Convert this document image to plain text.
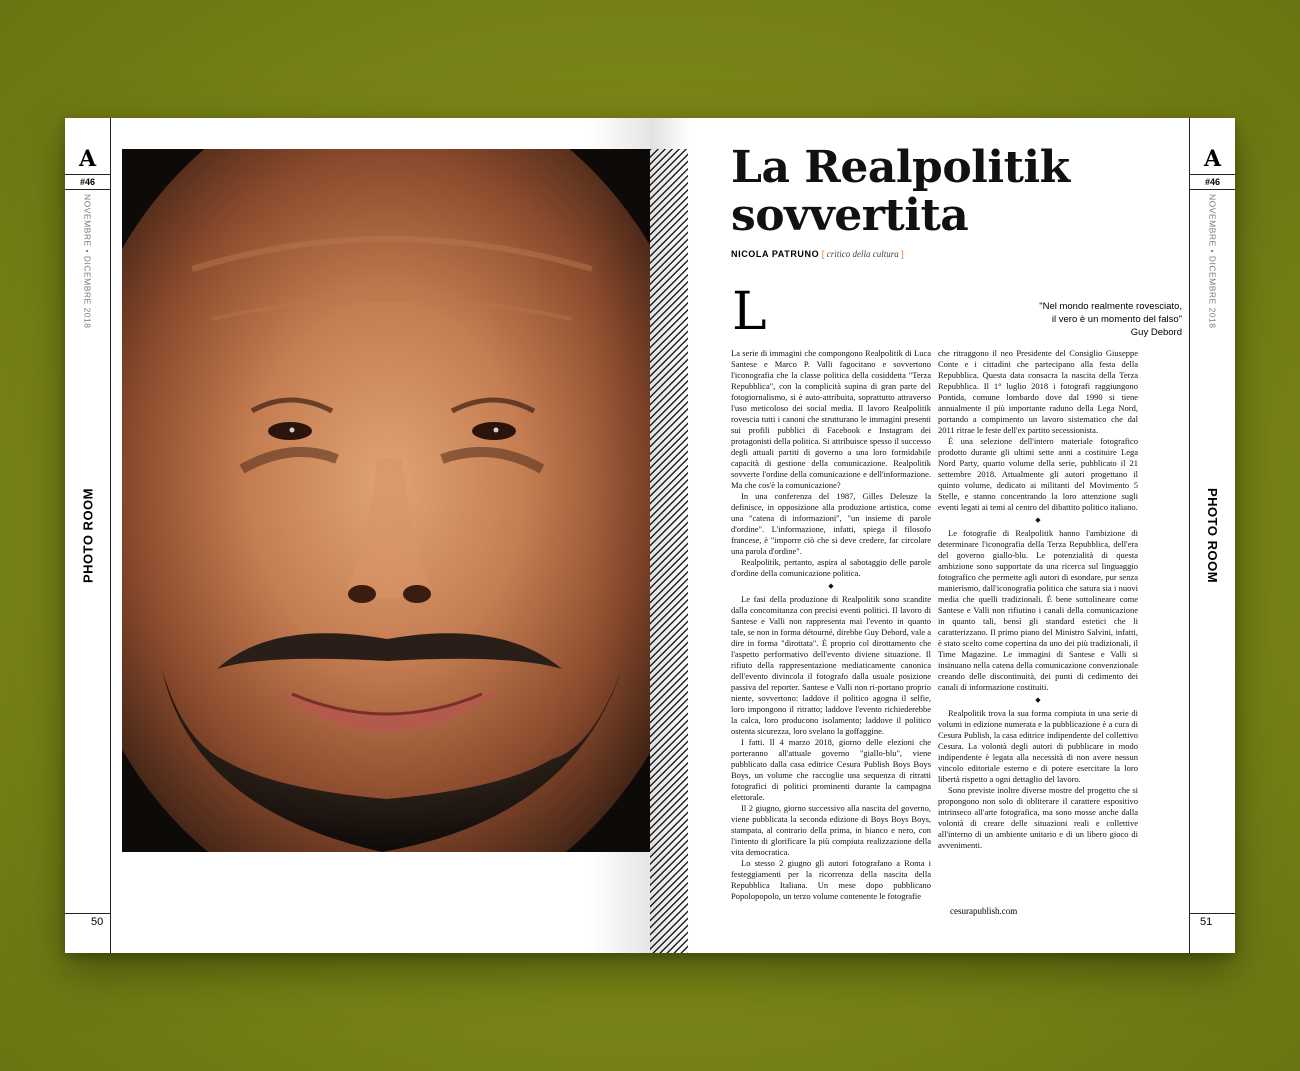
A
#46
NOVEMBRE • DICEMBRE 2018
PHOTO ROOM
50
La Realpolitik
sovvertita
NICOLA PATRUNO [ critico della cultura ]
L	"Nel mondo realmente rovesciato,
il vero è un momento del falso"
Guy Debord

La serie di immagini che compongono Realpolitik di Luca Santese e Marco P. Valli fagocitano e sovvertono l'iconografia che la classe politica della cosiddetta "Terza Repubblica", con la complicità supina di gran parte del fotogiornalismo, si è auto-attribuita, soprattutto attraverso l'uso meticoloso dei social media. Il lavoro Realpolitik rovescia tutti i canoni che strutturano le immagini presenti sui profili pubblici di Facebook e Instagram dei protagonisti della politica. Si attribuisce spesso il successo degli attuali partiti di governo a una loro formidabile capacità di gestione della comunicazione. Realpolitik sovverte l'ordine della comunicazione e dell'informazione. Ma che cos'è la comunicazione?

In una conferenza del 1987, Gilles Deleuze la definisce, in opposizione alla produzione artistica, come una "catena di informazioni", "un insieme di parole d'ordine". L'informazione, infatti, spiega il filosofo francese, è "imporre ciò che si deve credere, far circolare una parola d'ordine".

Realpolitik, pertanto, aspira al sabotaggio delle parole d'ordine della comunicazione politica.

◆

Le fasi della produzione di Realpolitik sono scandite dalla concomitanza con precisi eventi politici. Il lavoro di Santese e Valli non rappresenta mai l'evento in quanto tale, se non in forma détourné, direbbe Guy Debord, vale a dire in forma "dirottata". È proprio col dirottamento che l'aspetto performativo dell'evento diviene situazione. Il rifiuto della rappresentazione mediaticamente canonica dell'evento divincola il fotografo dalla usuale posizione passiva del reporter. Santese e Valli non ri-portano proprio niente, sovvertono: laddove il politico agogna il selfie, loro impongono il ritratto; laddove l'evento richiederebbe la calca, loro producono isolamento; laddove il politico ostenta sicurezza, loro svelano la goffaggine.

I fatti. Il 4 marzo 2018, giorno delle elezioni che porteranno all'attuale governo "giallo-blu", viene pubblicato dalla casa editrice Cesura Publish Boys Boys Boys, un volume che raccoglie una sequenza di ritratti fotografici di politici prominenti durante la campagna elettorale.

Il 2 giugno, giorno successivo alla nascita del governo, viene pubblicata la seconda edizione di Boys Boys Boys, stampata, al contrario della prima, in bianco e nero, con l'intento di glorificare la più compiuta realizzazione della vita democratica.

Lo stesso 2 giugno gli autori fotografano a Roma i festeggiamenti per la ricorrenza della nascita della Repubblica Italiana. Un mese dopo pubblicano Popolopopolo, un terzo volume contenente le fotografie

che ritraggono il neo Presidente del Consiglio Giuseppe Conte e i cittadini che partecipano alla festa della Repubblica. Questa data consacra la nascita della Terza Repubblica. Il 1° luglio 2018 i fotografi raggiungono Pontida, comune lombardo dove dal 1990 si tiene annualmente il più importante raduno della Lega Nord, portando a compimento un lavoro sistematico che dal 2011 ritrae le feste dell'ex partito secessionista.

È una selezione dell'intero materiale fotografico prodotto durante gli ultimi sette anni a costituire Lega Nord Party, quarto volume della serie, pubblicato il 21 settembre 2018. Attualmente gli autori progettano il quinto volume, dedicato ai militanti del Movimento 5 Stelle, e stanno concentrando la loro attenzione sugli eventi legati ai temi al centro del dibattito politico italiano.

◆

Le fotografie di Realpolitik hanno l'ambizione di determinare l'iconografia della Terza Repubblica, dell'era del governo giallo-blu. Le potenzialità di questa ambizione sono supportate da una ricerca sul linguaggio fotografico che permette agli autori di esondare, pur senza manierismo, dall'iconografia politica che satura sia i nuovi media che quelli tradizionali. È bene sottolineare come Santese e Valli non rifiutino i canali della comunicazione in quanto tali, bensì gli standard estetici che li caratterizzano. Il primo piano del Ministro Salvini, infatti, è stato scelto come copertina da uno dei più tradizionali, il Time Magazine. Le immagini di Santese e Valli si insinuano nella catena della comunicazione convenzionale creando delle discontinuità, dei punti di cedimento dei canali di informazione costituiti.

◆

Realpolitik trova la sua forma compiuta in una serie di volumi in edizione numerata e la pubblicazione è a cura di Cesura Publish, la casa editrice indipendente del collettivo Cesura. La volontà degli autori di pubblicare in modo indipendente è legata alla necessità di non avere nessun vincolo editoriale esterno e di potere esercitare la loro libertà rispetto a ogni dettaglio del lavoro.

Sono previste inoltre diverse mostre del progetto che si propongono non solo di obliterare il carattere espositivo intrinseco all'arte fotografica, ma sono mosse anche dalla volontà di creare delle situazioni reali e collettive all'interno di un ambiente unitario e di un libero gioco di avvenimenti.

cesurapublish.com
A
#46
NOVEMBRE • DICEMBRE 2018
PHOTO ROOM
51
